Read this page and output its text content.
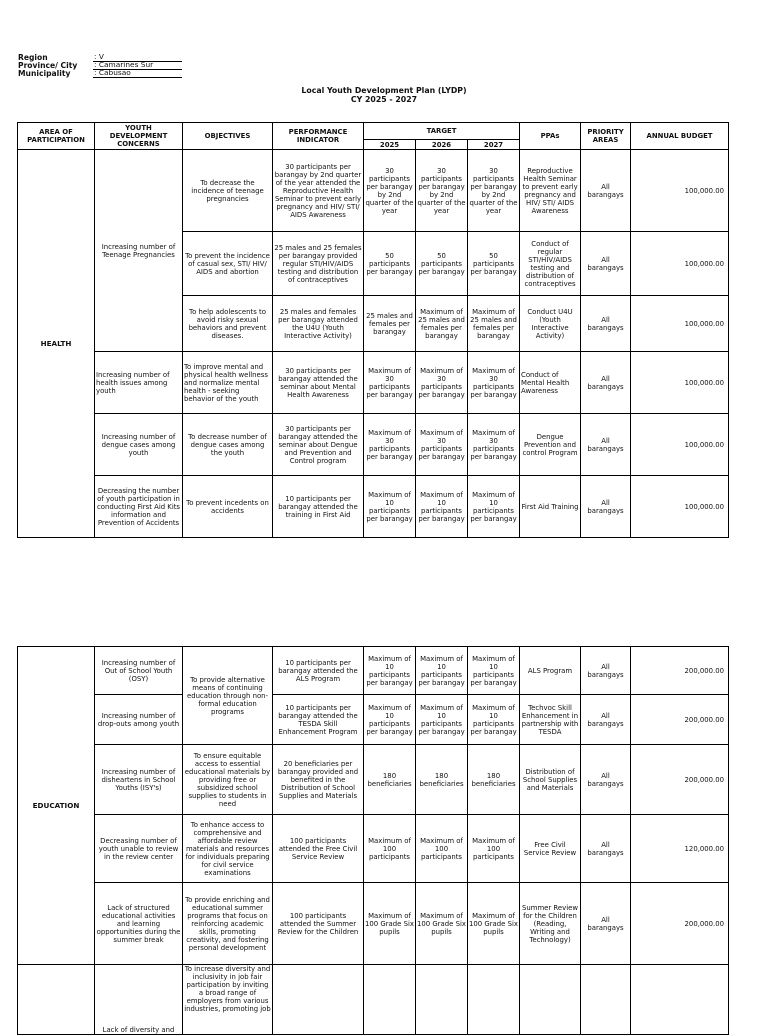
Region	: V
Province/ City : Camarines Sur
Municipality	: Cabusao
Local Youth Development Plan (LYDP)
CY 2025 - 2027
AREA OF PARTICIPATION	YOUTH DEVELOPMENT CONCERNS	OBJECTIVES	PERFORMANCE INDICATOR	TARGET			PPAs	PRIORITY AREAS	ANNUAL BUDGET
				2025	2026	2027			
HEALTH	Increasing number of Teenage Pregnancies	To decrease the incidence of teenage pregnancies	30 participants per barangay by 2nd quarter of the year attended the Reproductive Health Seminar to prevent early pregnancy and HIV/ STI/ AIDS Awareness	30 participants per barangay by 2nd quarter of the year	30 participants per barangay by 2nd quarter of the year	30 participants per barangay by 2nd quarter of the year	Reproductive Health Seminar to prevent early pregnancy and HIV/ STI/ AIDS Awareness	All barangays	100,000.00
		To prevent the incidence of casual sex, STI/ HIV/ AIDS and abortion	25 males and 25 females per barangay provided regular STI/HIV/AIDS testing and distribution of contraceptives	50 participants per barangay	50 participants per barangay	50 participants per barangay	Conduct of regular STI/HIV/AIDS testing and distribution of contraceptives	All barangays	100,000.00
		To help adolescents to avoid risky sexual behaviors and prevent diseases.	25 males and females per barangay attended the U4U (Youth Interactive Activity)	25 males and females per barangay	Maximum of 25 males and females per barangay	Maximum of 25 males and females per barangay	Conduct U4U (Youth Interactive Activity)	All barangays	100,000.00
	Increasing number of health issues among youth	To improve mental and physical health wellness and normalize mental health - seeking behavior of the youth	30 participants per barangay attended the seminar about Mental Health Awareness	Maximum of 30 participants per barangay	Maximum of 30 participants per barangay	Maximum of 30 participants per barangay	Conduct of Mental Health Awareness	All barangays	100,000.00
	Increasing number of dengue cases among youth	To decrease number of dengue cases among the youth	30 participants per barangay attended the seminar about Dengue and Prevention and Control program	Maximum of 30 participants per barangay	Maximum of 30 participants per barangay	Maximum of 30 participants per barangay	Dengue Prevention and control Program	All barangays	100,000.00
	Decreasing the number of youth participation in conducting First Aid Kits information and Prevention of Accidents	To prevent incedents on accidents	10 participants per barangay attended the training in First Aid	Maximum of 10 participants per barangay	Maximum of 10 participants per barangay	Maximum of 10 participants per barangay	First Aid Training	All barangays	100,000.00
EDUCATION	Increasing number of Out of School Youth (OSY)	To provide alternative means of continuing education through non-formal education programs	10 participants per barangay attended the ALS Program	Maximum of 10 participants per barangay	Maximum of 10 participants per barangay	Maximum of 10 participants per barangay	ALS Program	All barangays	200,000.00
	Increasing number of drop-outs among youth		10 participants per barangay attended the TESDA Skill Enhancement Program	Maximum of 10 participants per barangay	Maximum of 10 participants per barangay	Maximum of 10 participants per barangay	Techvoc Skill Enhancement in partnership with TESDA	All barangays	200,000.00
	Increasing number of disheartens in School Youths (ISY's)	To ensure equitable access to essential educational materials by providing free or subsidized school supplies to students in need	20 beneficiaries per barangay provided and benefited in the Distribution of School Supplies and Materials	180 beneficiaries	180 beneficiaries	180 beneficiaries	Distribution of School Supplies and Materials	All barangays	200,000.00
	Decreasing number of youth unable to review in the review center	To enhance access to comprehensive and affordable review materials and resources for individuals preparing for civil service examinations	100 participants attended the Free Civil Service Review	Maximum of 100 participants	Maximum of 100 participants	Maximum of 100 participants	Free Civil Service Review	All barangays	120,000.00
	Lack of structured educational activities and learning opportunities during the summer break	To provide enriching and educational summer programs that focus on reinforcing academic skills, promoting creativity, and fostering personal development	100 participants attended the Summer Review for the Children	Maximum of 100 Grade Six pupils	Maximum of 100 Grade Six pupils	Maximum of 100 Grade Six pupils	Summer Review for the Children (Reading, Writing and Technology)	All barangays	200,000.00
	Lack of diversity and	To increase diversity and inclusivity in job fair participation by inviting a broad range of employers from various industries, promoting job							
